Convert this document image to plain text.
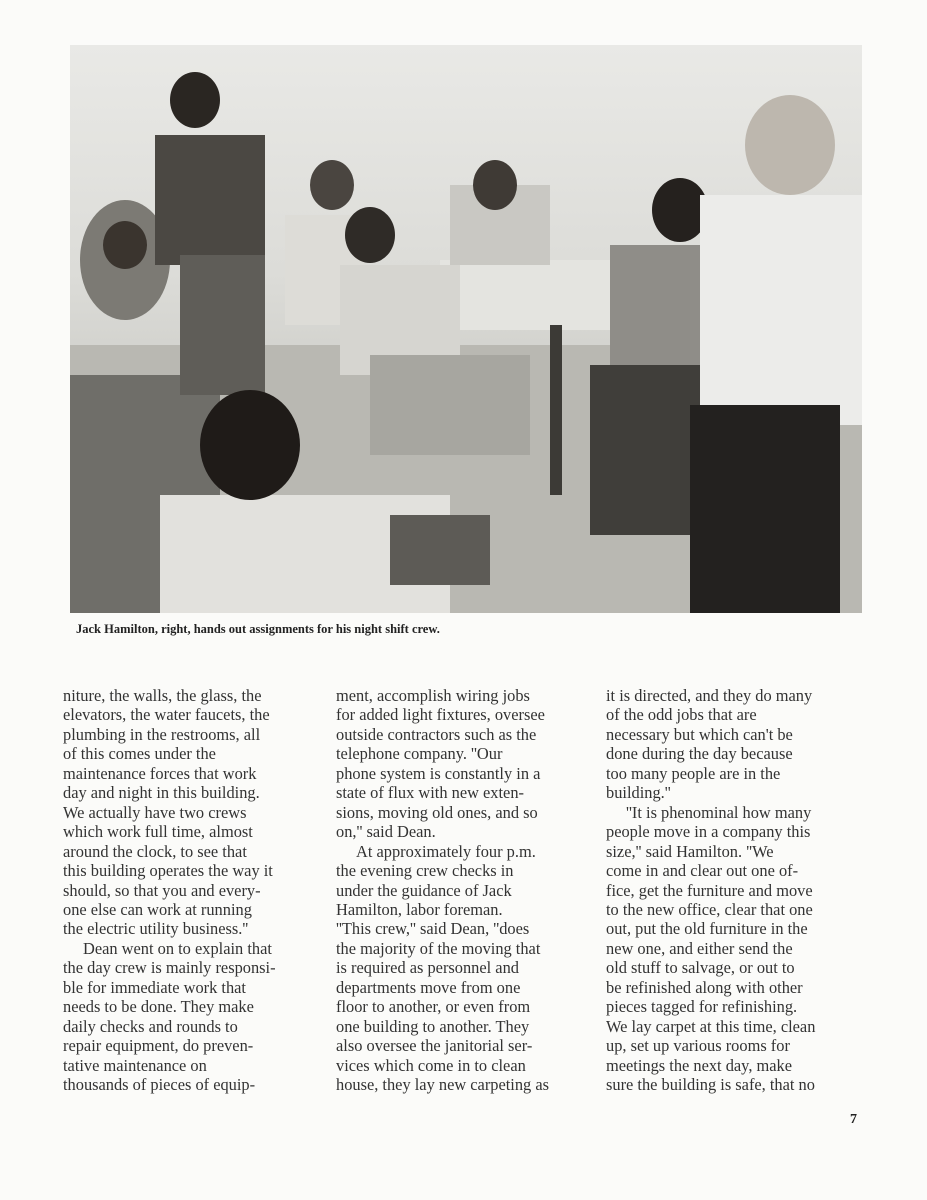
Jack Hamilton, right, hands out assignments for his night shift crew.
niture, the walls, the glass, the
elevators, the water faucets, the
plumbing in the restrooms, all
of this comes under the
maintenance forces that work
day and night in this building.
We actually have two crews
which work full time, almost
around the clock, to see that
this building operates the way it
should, so that you and every-
one else can work at running
the electric utility business.''
Dean went on to explain that
the day crew is mainly responsi-
ble for immediate work that
needs to be done. They make
daily checks and rounds to
repair equipment, do preven-
tative maintenance on
thousands of pieces of equip-
ment, accomplish wiring jobs
for added light fixtures, oversee
outside contractors such as the
telephone company. ''Our
phone system is constantly in a
state of flux with new exten-
sions, moving old ones, and so
on,'' said Dean.
At approximately four p.m.
the evening crew checks in
under the guidance of Jack
Hamilton, labor foreman.
''This crew,'' said Dean, ''does
the majority of the moving that
is required as personnel and
departments move from one
floor to another, or even from
one building to another. They
also oversee the janitorial ser-
vices which come in to clean
house, they lay new carpeting as
it is directed, and they do many
of the odd jobs that are
necessary but which can't be
done during the day because
too many people are in the
building.''
''It is phenominal how many
people move in a company this
size,'' said Hamilton. ''We
come in and clear out one of-
fice, get the furniture and move
to the new office, clear that one
out, put the old furniture in the
new one, and either send the
old stuff to salvage, or out to
be refinished along with other
pieces tagged for refinishing.
We lay carpet at this time, clean
up, set up various rooms for
meetings the next day, make
sure the building is safe, that no
7
